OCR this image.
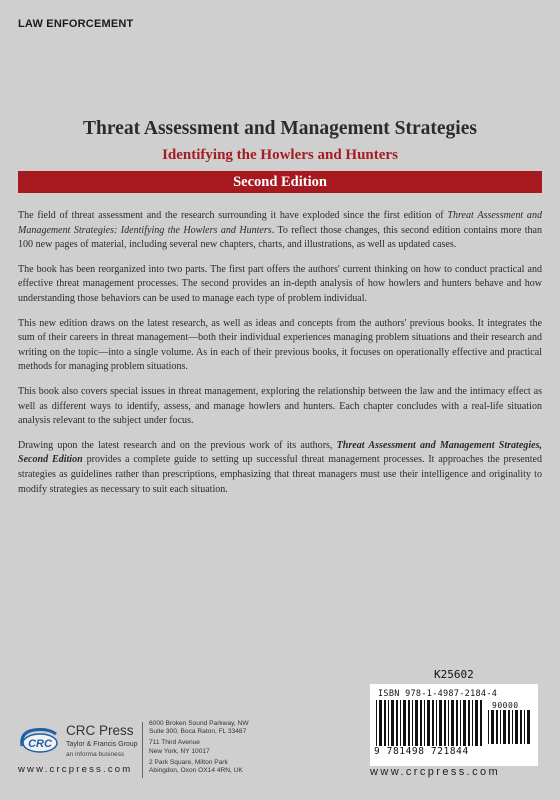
LAW ENFORCEMENT
Threat Assessment and Management Strategies
Identifying the Howlers and Hunters
Second Edition

The field of threat assessment and the research surrounding it have exploded since the first edition of Threat Assessment and Management Strategies: Identifying the Howlers and Hunters. To reflect those changes, this second edition contains more than 100 new pages of material, including several new chapters, charts, and illustrations, as well as updated cases.

The book has been reorganized into two parts. The first part offers the authors' current thinking on how to conduct practical and effective threat management processes. The second provides an in-depth analysis of how howlers and hunters behave and how understanding those behaviors can be used to manage each type of problem individual.

This new edition draws on the latest research, as well as ideas and concepts from the authors' previous books. It integrates the sum of their careers in threat management—both their individual experiences managing problem situations and their research and writing on the topic—into a single volume. As in each of their previous books, it focuses on operationally effective and practical methods for managing problem situations.

This book also covers special issues in threat management, exploring the relationship between the law and the intimacy effect as well as different ways to identify, assess, and manage howlers and hunters. Each chapter concludes with a real-life situation analysis relevant to the subject under focus.

Drawing upon the latest research and on the previous work of its authors, Threat Assessment and Management Strategies, Second Edition provides a complete guide to setting up successful threat management processes. It approaches the presented strategies as guidelines rather than prescriptions, emphasizing that threat managers must use their intelligence and originality to modify strategies as necessary to suit each situation.

K25602
ISBN 978-1-4987-2184-4
90000
9 781498 721844
CRC
CRC Press
Taylor & Francis Group
an informa business
6000 Broken Sound Parkway, NW
Suite 300, Boca Raton, FL 33487
711 Third Avenue
New York, NY 10017
2 Park Square, Milton Park
Abingdon, Oxon OX14 4RN, UK
www.crcpress.com	www.crcpress.com
